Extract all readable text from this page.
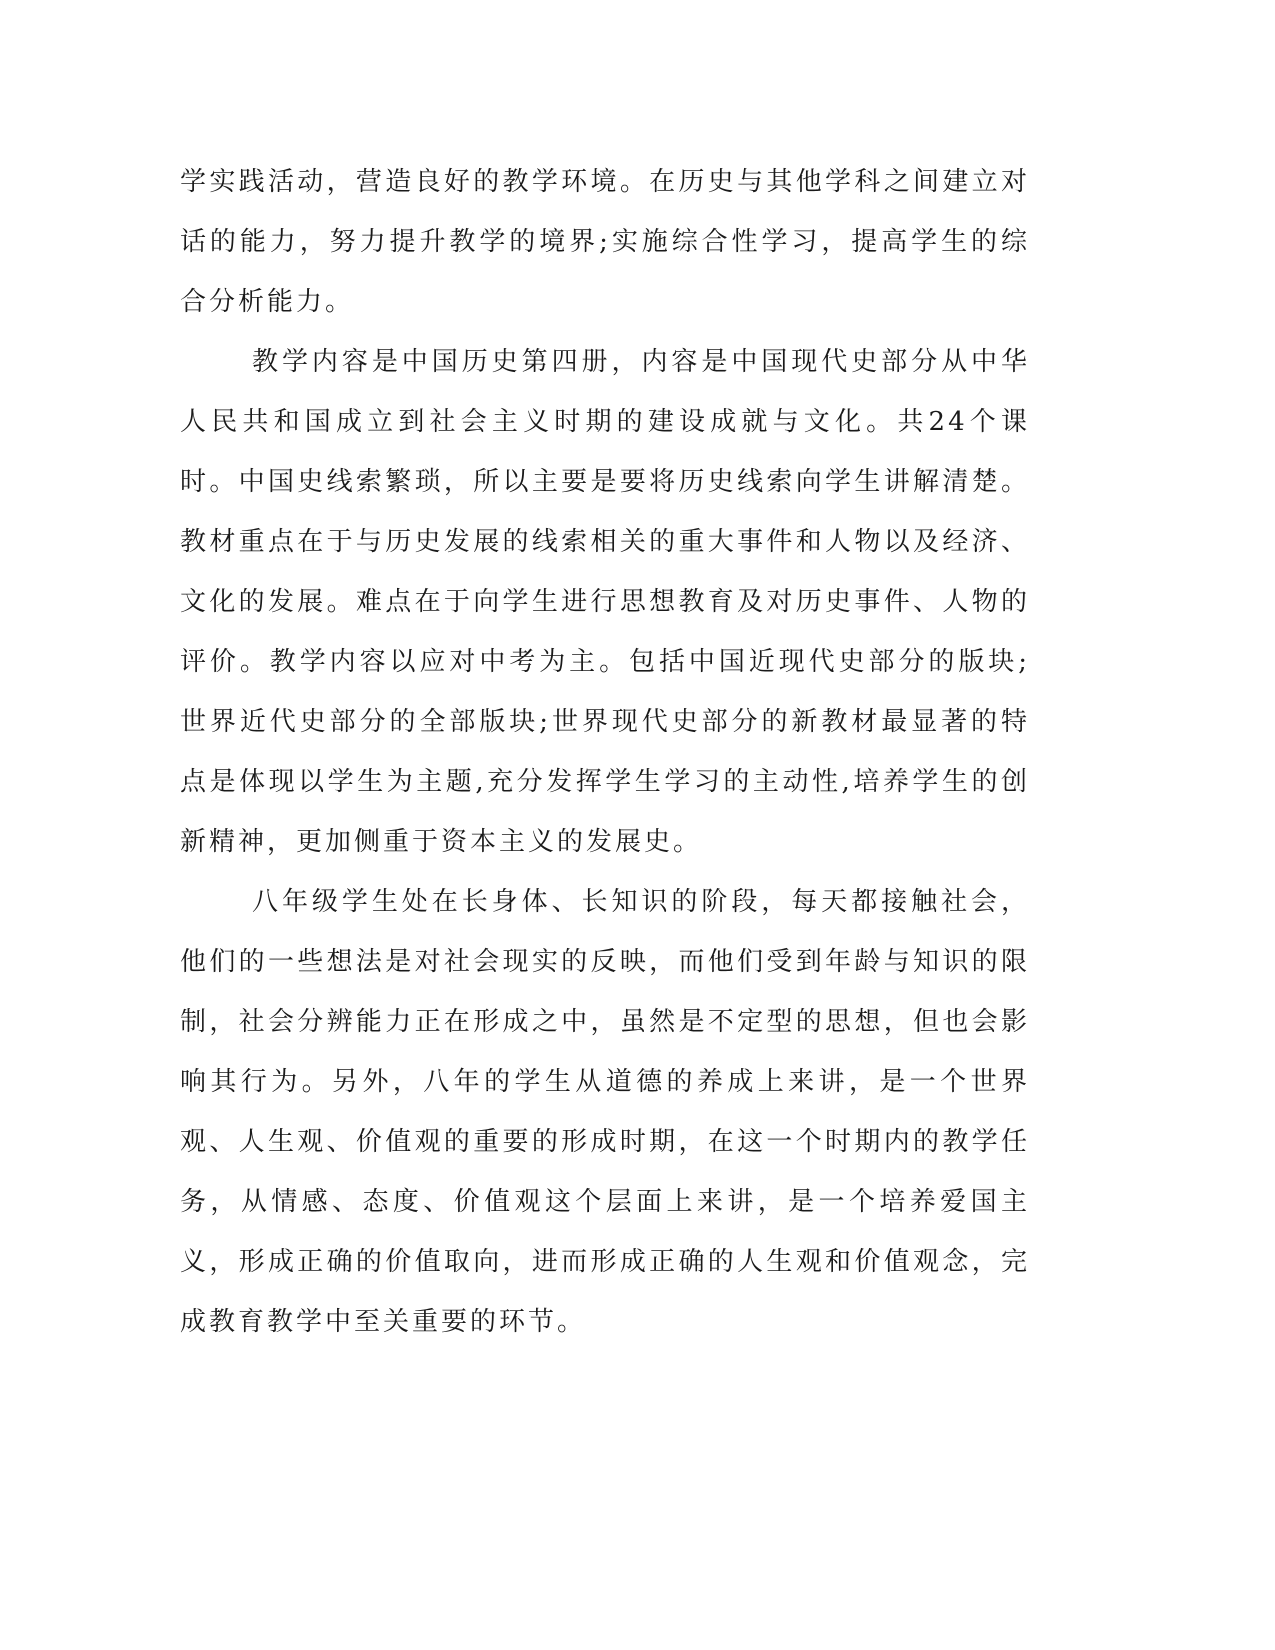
学实践活动，营造良好的教学环境。在历史与其他学科之间建立对话的能力，努力提升教学的境界;实施综合性学习，提高学生的综合分析能力。

教学内容是中国历史第四册，内容是中国现代史部分从中华人民共和国成立到社会主义时期的建设成就与文化。共24个课时。中国史线索繁琐，所以主要是要将历史线索向学生讲解清楚。教材重点在于与历史发展的线索相关的重大事件和人物以及经济、文化的发展。难点在于向学生进行思想教育及对历史事件、人物的评价。教学内容以应对中考为主。包括中国近现代史部分的版块;世界近代史部分的全部版块;世界现代史部分的新教材最显著的特点是体现以学生为主题,充分发挥学生学习的主动性,培养学生的创新精神，更加侧重于资本主义的发展史。

八年级学生处在长身体、长知识的阶段，每天都接触社会，他们的一些想法是对社会现实的反映，而他们受到年龄与知识的限制，社会分辨能力正在形成之中，虽然是不定型的思想，但也会影响其行为。另外，八年的学生从道德的养成上来讲，是一个世界观、人生观、价值观的重要的形成时期，在这一个时期内的教学任务，从情感、态度、价值观这个层面上来讲，是一个培养爱国主义，形成正确的价值取向，进而形成正确的人生观和价值观念，完成教育教学中至关重要的环节。
